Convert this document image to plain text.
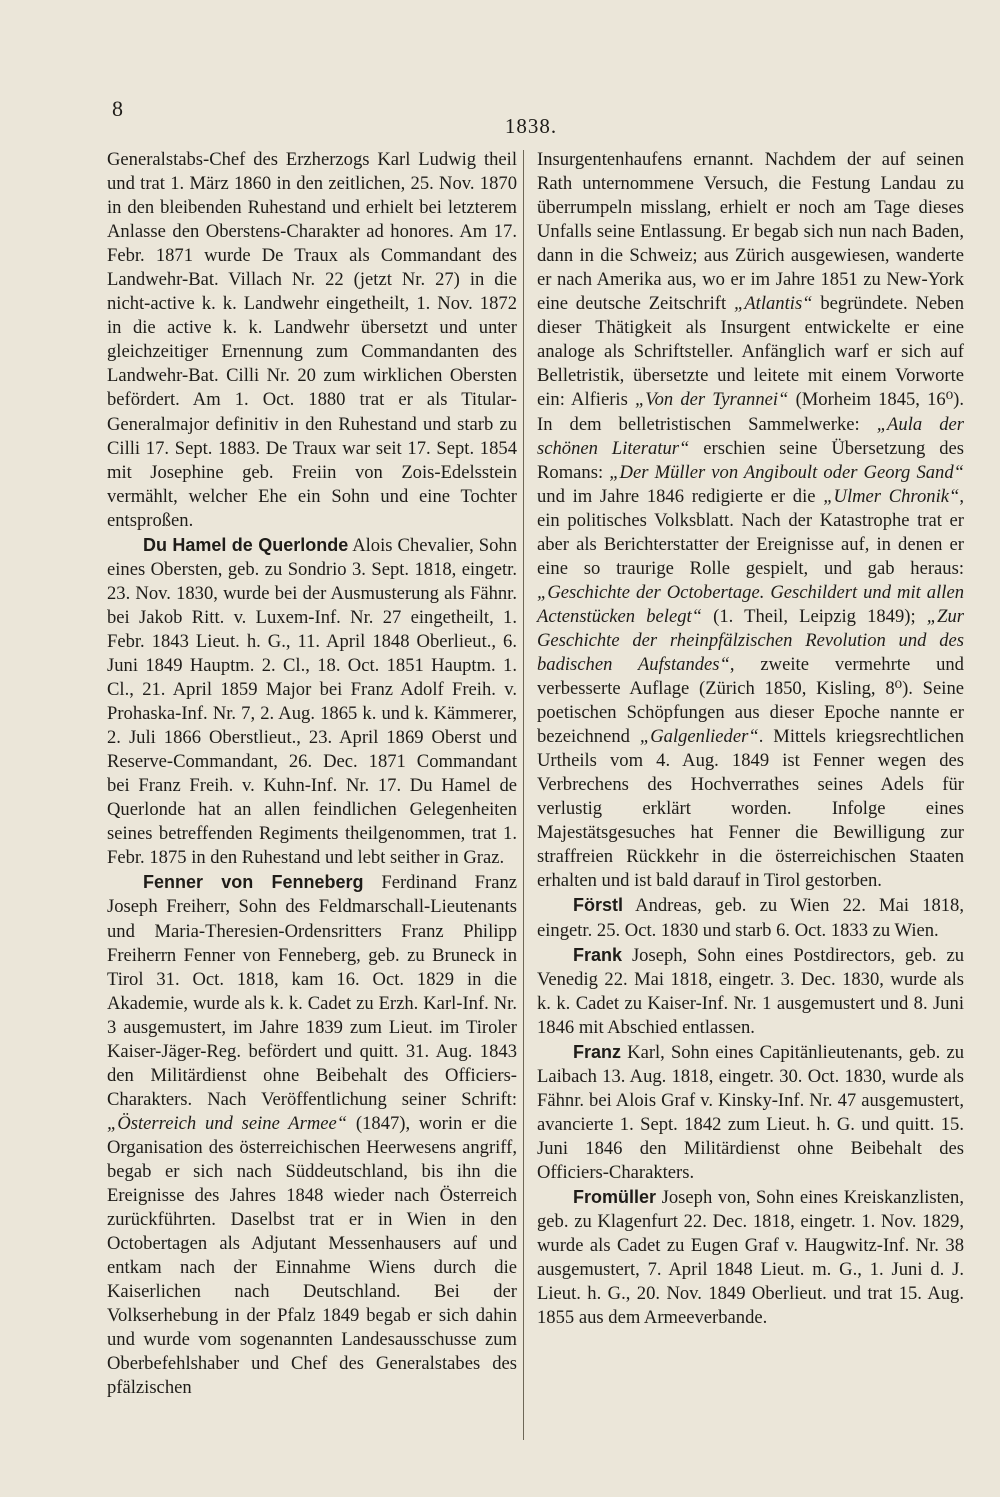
8
1838.

Generalstabs-Chef des Erzherzogs Karl Ludwig theil und trat 1. März 1860 in den zeitlichen, 25. Nov. 1870 in den bleibenden Ruhestand und erhielt bei letzterem Anlasse den Oberstens-Charakter ad honores. Am 17. Febr. 1871 wurde De Traux als Commandant des Landwehr-Bat. Villach Nr. 22 (jetzt Nr. 27) in die nicht-active k. k. Landwehr eingetheilt, 1. Nov. 1872 in die active k. k. Landwehr übersetzt und unter gleichzeitiger Ernennung zum Commandanten des Landwehr-Bat. Cilli Nr. 20 zum wirklichen Obersten befördert. Am 1. Oct. 1880 trat er als Titular-Generalmajor definitiv in den Ruhestand und starb zu Cilli 17. Sept. 1883. De Traux war seit 17. Sept. 1854 mit Josephine geb. Freiin von Zois-Edelsstein vermählt, welcher Ehe ein Sohn und eine Tochter entsproßen.

Du Hamel de Querlonde Alois Chevalier, Sohn eines Obersten, geb. zu Sondrio 3. Sept. 1818, eingetr. 23. Nov. 1830, wurde bei der Ausmusterung als Fähnr. bei Jakob Ritt. v. Luxem-Inf. Nr. 27 eingetheilt, 1. Febr. 1843 Lieut. h. G., 11. April 1848 Oberlieut., 6. Juni 1849 Hauptm. 2. Cl., 18. Oct. 1851 Hauptm. 1. Cl., 21. April 1859 Major bei Franz Adolf Freih. v. Prohaska-Inf. Nr. 7, 2. Aug. 1865 k. und k. Kämmerer, 2. Juli 1866 Oberstlieut., 23. April 1869 Oberst und Reserve-Commandant, 26. Dec. 1871 Commandant bei Franz Freih. v. Kuhn-Inf. Nr. 17. Du Hamel de Querlonde hat an allen feindlichen Gelegenheiten seines betreffenden Regiments theilgenommen, trat 1. Febr. 1875 in den Ruhestand und lebt seither in Graz.

Fenner von Fenneberg Ferdinand Franz Joseph Freiherr, Sohn des Feldmarschall-Lieutenants und Maria-Theresien-Ordensritters Franz Philipp Freiherrn Fenner von Fenneberg, geb. zu Bruneck in Tirol 31. Oct. 1818, kam 16. Oct. 1829 in die Akademie, wurde als k. k. Cadet zu Erzh. Karl-Inf. Nr. 3 ausgemustert, im Jahre 1839 zum Lieut. im Tiroler Kaiser-Jäger-Reg. befördert und quitt. 31. Aug. 1843 den Militärdienst ohne Beibehalt des Officiers-Charakters. Nach Veröffentlichung seiner Schrift: „Österreich und seine Armee“ (1847), worin er die Organisation des österreichischen Heerwesens angriff, begab er sich nach Süddeutschland, bis ihn die Ereignisse des Jahres 1848 wieder nach Österreich zurückführten. Daselbst trat er in Wien in den Octobertagen als Adjutant Messenhausers auf und entkam nach der Einnahme Wiens durch die Kaiserlichen nach Deutschland. Bei der Volkserhebung in der Pfalz 1849 begab er sich dahin und wurde vom sogenannten Landesausschusse zum Oberbefehlshaber und Chef des Generalstabes des pfälzischen

Insurgentenhaufens ernannt. Nachdem der auf seinen Rath unternommene Versuch, die Festung Landau zu überrumpeln misslang, erhielt er noch am Tage dieses Unfalls seine Entlassung. Er begab sich nun nach Baden, dann in die Schweiz; aus Zürich ausgewiesen, wanderte er nach Amerika aus, wo er im Jahre 1851 zu New-York eine deutsche Zeitschrift „Atlantis“ begründete. Neben dieser Thätigkeit als Insurgent entwickelte er eine analoge als Schriftsteller. Anfänglich warf er sich auf Belletristik, übersetzte und leitete mit einem Vorworte ein: Alfieris „Von der Tyrannei“ (Morheim 1845, 16⁰). In dem belletristischen Sammelwerke: „Aula der schönen Literatur“ erschien seine Übersetzung des Romans: „Der Müller von Angiboult oder Georg Sand“ und im Jahre 1846 redigierte er die „Ulmer Chronik“, ein politisches Volksblatt. Nach der Katastrophe trat er aber als Berichterstatter der Ereignisse auf, in denen er eine so traurige Rolle gespielt, und gab heraus: „Geschichte der Octobertage. Geschildert und mit allen Actenstücken belegt“ (1. Theil, Leipzig 1849); „Zur Geschichte der rheinpfälzischen Revolution und des badischen Aufstandes“, zweite vermehrte und verbesserte Auflage (Zürich 1850, Kisling, 8⁰). Seine poetischen Schöpfungen aus dieser Epoche nannte er bezeichnend „Galgenlieder“. Mittels kriegsrechtlichen Urtheils vom 4. Aug. 1849 ist Fenner wegen des Verbrechens des Hochverrathes seines Adels für verlustig erklärt worden. Infolge eines Majestätsgesuches hat Fenner die Bewilligung zur straffreien Rückkehr in die österreichischen Staaten erhalten und ist bald darauf in Tirol gestorben.

Förstl Andreas, geb. zu Wien 22. Mai 1818, eingetr. 25. Oct. 1830 und starb 6. Oct. 1833 zu Wien.

Frank Joseph, Sohn eines Postdirectors, geb. zu Venedig 22. Mai 1818, eingetr. 3. Dec. 1830, wurde als k. k. Cadet zu Kaiser-Inf. Nr. 1 ausgemustert und 8. Juni 1846 mit Abschied entlassen.

Franz Karl, Sohn eines Capitänlieutenants, geb. zu Laibach 13. Aug. 1818, eingetr. 30. Oct. 1830, wurde als Fähnr. bei Alois Graf v. Kinsky-Inf. Nr. 47 ausgemustert, avancierte 1. Sept. 1842 zum Lieut. h. G. und quitt. 15. Juni 1846 den Militärdienst ohne Beibehalt des Officiers-Charakters.

Fromüller Joseph von, Sohn eines Kreiskanzlisten, geb. zu Klagenfurt 22. Dec. 1818, eingetr. 1. Nov. 1829, wurde als Cadet zu Eugen Graf v. Haugwitz-Inf. Nr. 38 ausgemustert, 7. April 1848 Lieut. m. G., 1. Juni d. J. Lieut. h. G., 20. Nov. 1849 Oberlieut. und trat 15. Aug. 1855 aus dem Armeeverbande.
